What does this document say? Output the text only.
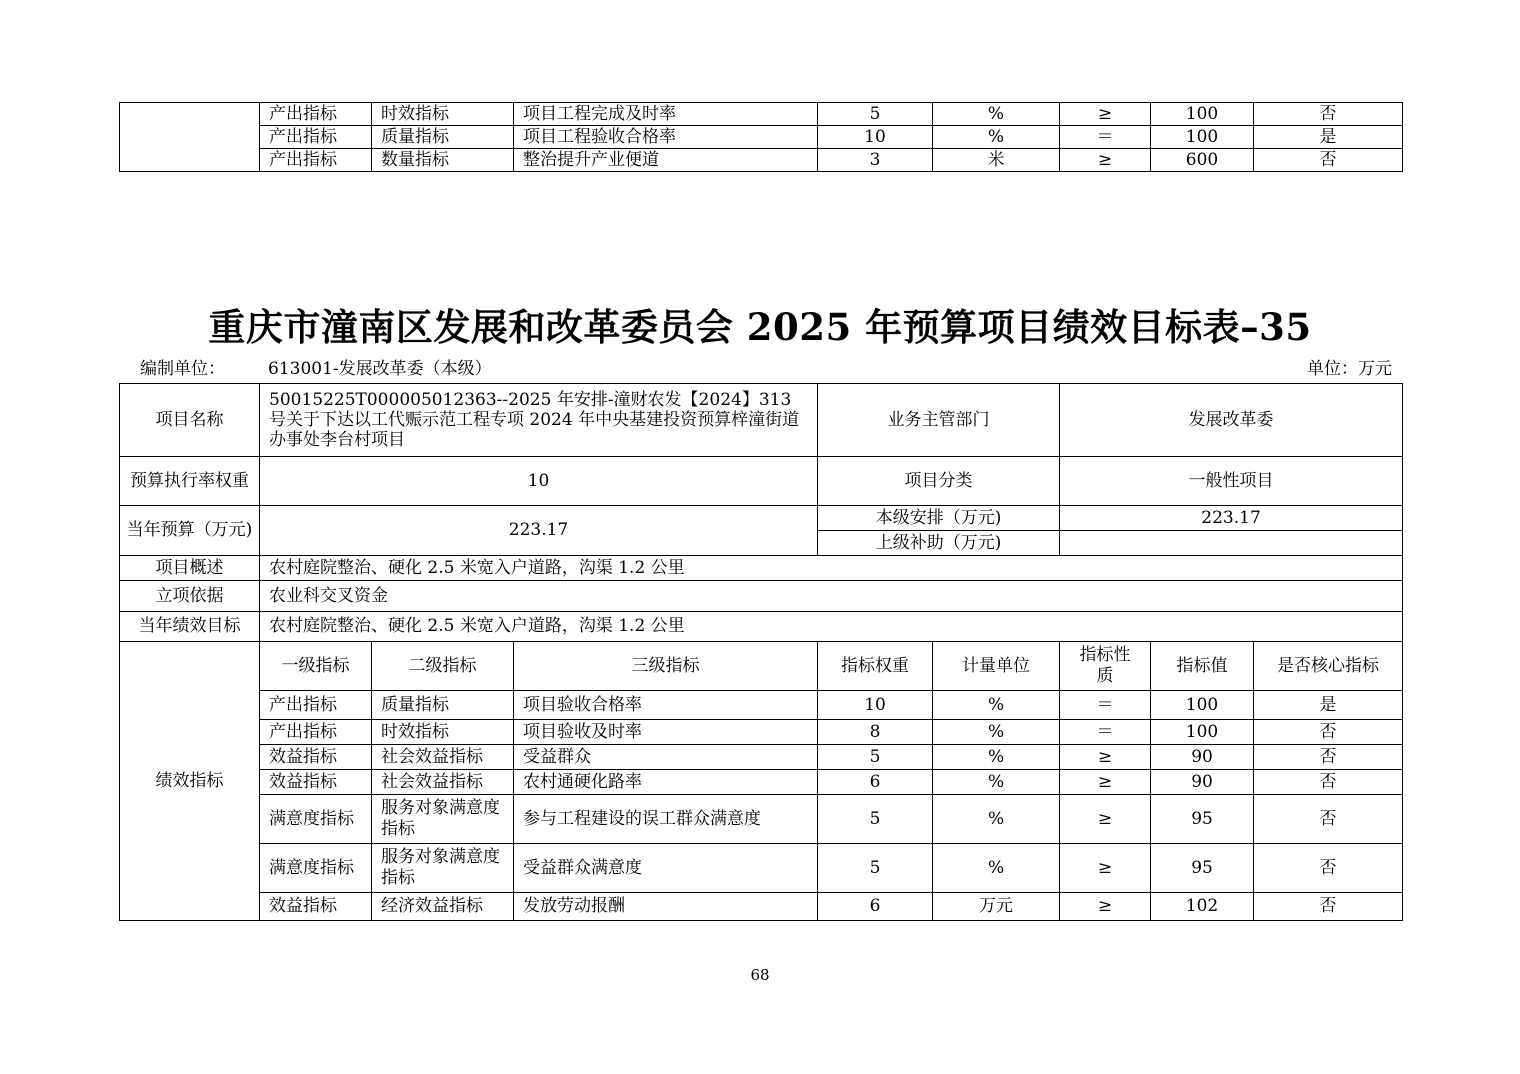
	产出指标	时效指标	项目工程完成及时率	5	%	≥	100	否
	产出指标	质量指标	项目工程验收合格率	10	%	＝	100	是
	产出指标	数量指标	整治提升产业便道	3	米	≥	600	否
重庆市潼南区发展和改革委员会 2025 年预算项目绩效目标表–35
编制单位：	613001-发展改革委（本级）	单位：万元
项目名称	50015225T000005012363--2025 年安排-潼财农发【2024】313 号关于下达以工代赈示范工程专项 2024 年中央基建投资预算梓潼街道办事处李台村项目			业务主管部门		发展改革委		
预算执行率权重	10			项目分类		一般性项目		
当年预算（万元)	223.17			本级安排（万元)		223.17		
				上级补助（万元)				
项目概述	农村庭院整治、硬化 2.5 米宽入户道路，沟渠 1.2 公里							
立项依据	农业科交叉资金							
当年绩效目标	农村庭院整治、硬化 2.5 米宽入户道路，沟渠 1.2 公里							
绩效指标	一级指标	二级指标	三级指标	指标权重	计量单位	指标性质	指标值	是否核心指标
	产出指标	质量指标	项目验收合格率	10	%	＝	100	是
	产出指标	时效指标	项目验收及时率	8	%	＝	100	否
	效益指标	社会效益指标	受益群众	5	%	≥	90	否
	效益指标	社会效益指标	农村通硬化路率	6	%	≥	90	否
	满意度指标	服务对象满意度指标	参与工程建设的误工群众满意度	5	%	≥	95	否
	满意度指标	服务对象满意度指标	受益群众满意度	5	%	≥	95	否
	效益指标	经济效益指标	发放劳动报酬	6	万元	≥	102	否
68
